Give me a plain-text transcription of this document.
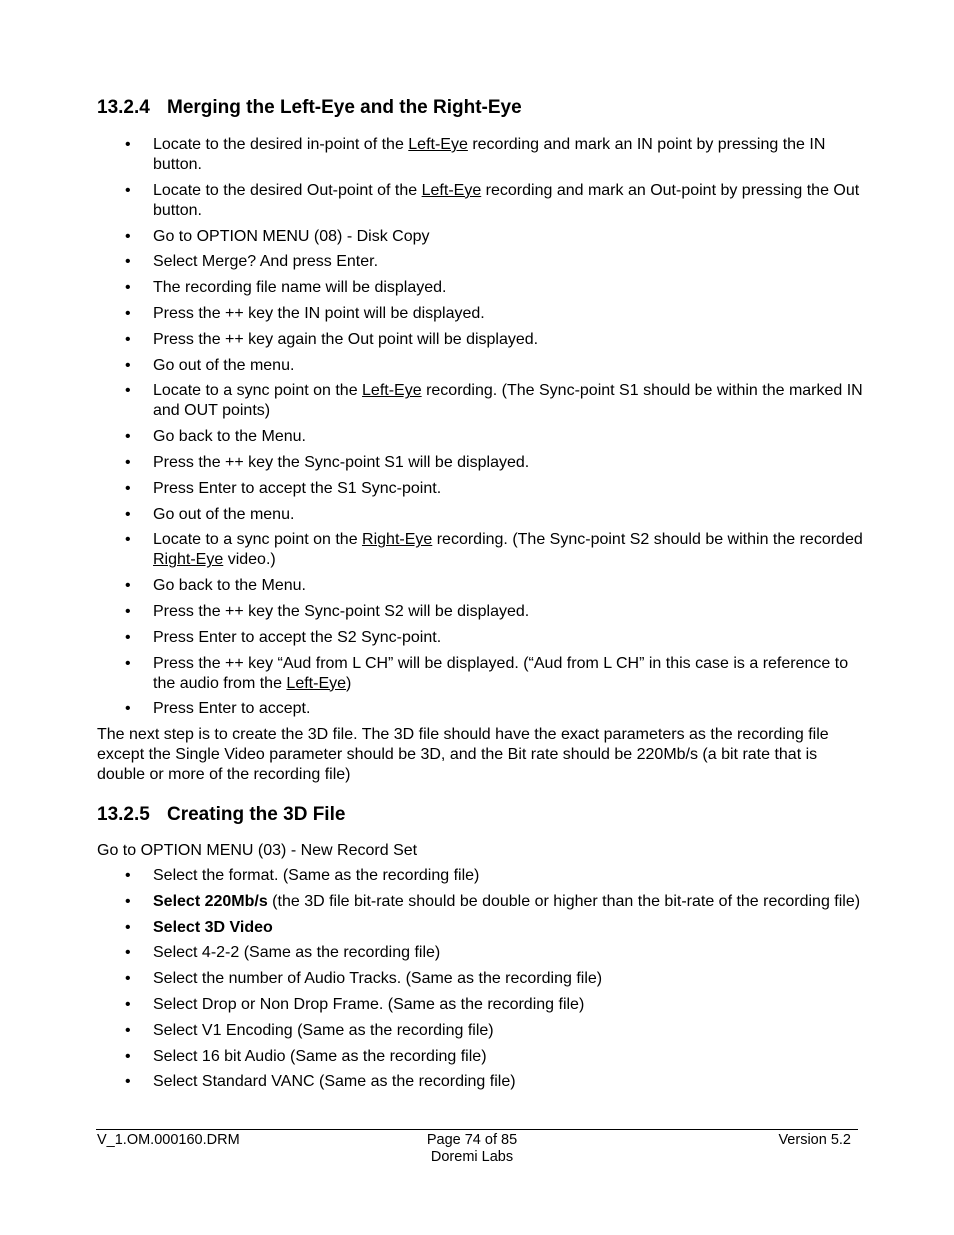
13.2.4 Merging the Left-Eye and the Right-Eye
• Locate to the desired in-point of the Left-Eye recording and mark an IN point by pressing the IN button.
• Locate to the desired Out-point of the Left-Eye recording and mark an Out-point by pressing the Out button.
• Go to OPTION MENU (08) - Disk Copy
• Select Merge? And press Enter.
• The recording file name will be displayed.
• Press the ++ key the IN point will be displayed.
• Press the ++ key again the Out point will be displayed.
• Go out of the menu.
• Locate to a sync point on the Left-Eye recording. (The Sync-point S1 should be within the marked IN and OUT points)
• Go back to the Menu.
• Press the ++ key the Sync-point S1 will be displayed.
• Press Enter to accept the S1 Sync-point.
• Go out of the menu.
• Locate to a sync point on the Right-Eye recording. (The Sync-point S2 should be within the recorded Right-Eye video.)
• Go back to the Menu.
• Press the ++ key the Sync-point S2 will be displayed.
• Press Enter to accept the S2 Sync-point.
• Press the ++ key “Aud from L CH” will be displayed. (“Aud from L CH” in this case is a reference to the audio from the Left-Eye)
• Press Enter to accept.

The next step is to create the 3D file. The 3D file should have the exact parameters as the recording file except the Single Video parameter should be 3D, and the Bit rate should be 220Mb/s (a bit rate that is double or more of the recording file)

13.2.5 Creating the 3D File

Go to OPTION MENU (03) - New Record Set

• Select the format. (Same as the recording file)
• Select 220Mb/s (the 3D file bit-rate should be double or higher than the bit-rate of the recording file)
• Select 3D Video
• Select 4-2-2 (Same as the recording file)
• Select the number of Audio Tracks. (Same as the recording file)
• Select Drop or Non Drop Frame. (Same as the recording file)
• Select V1 Encoding (Same as the recording file)
• Select 16 bit Audio (Same as the recording file)
• Select Standard VANC (Same as the recording file)
V_1.OM.000160.DRM	Page 74 of 85
Doremi Labs
Version 5.2
